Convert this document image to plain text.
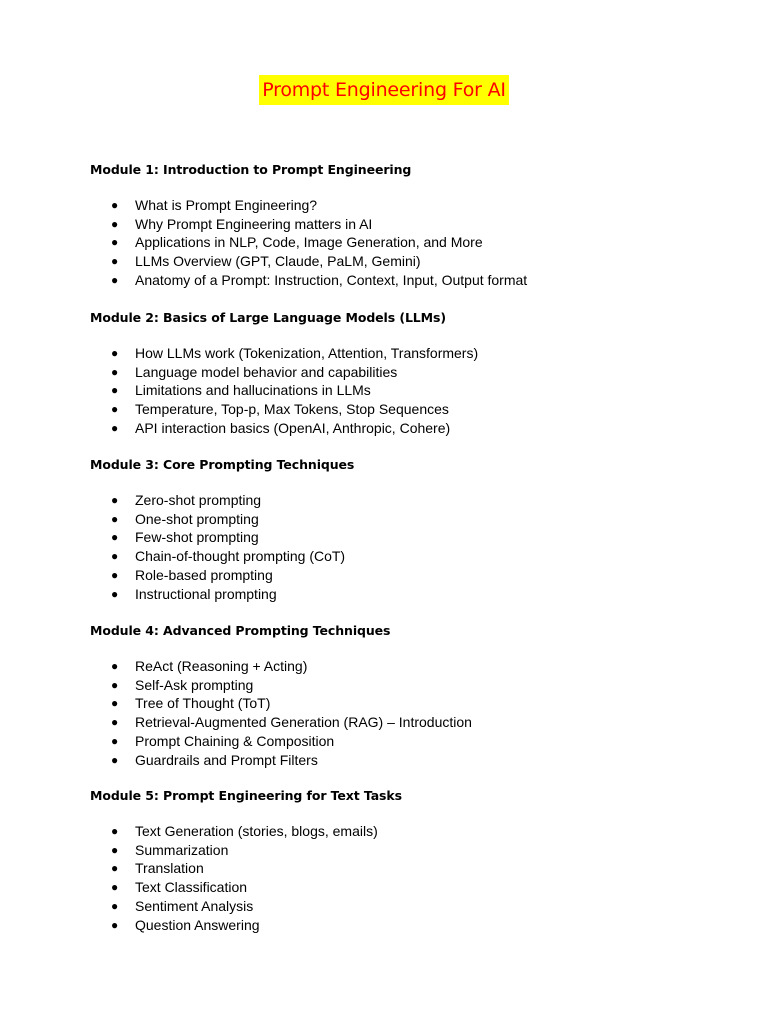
Prompt Engineering For AI
Module 1: Introduction to Prompt Engineering
● What is Prompt Engineering?
● Why Prompt Engineering matters in AI
● Applications in NLP, Code, Image Generation, and More
● LLMs Overview (GPT, Claude, PaLM, Gemini)
● Anatomy of a Prompt: Instruction, Context, Input, Output format
Module 2: Basics of Large Language Models (LLMs)
● How LLMs work (Tokenization, Attention, Transformers)
● Language model behavior and capabilities
● Limitations and hallucinations in LLMs
● Temperature, Top-p, Max Tokens, Stop Sequences
● API interaction basics (OpenAI, Anthropic, Cohere)
Module 3: Core Prompting Techniques
● Zero-shot prompting
● One-shot prompting
● Few-shot prompting
● Chain-of-thought prompting (CoT)
● Role-based prompting
● Instructional prompting
Module 4: Advanced Prompting Techniques
● ReAct (Reasoning + Acting)
● Self-Ask prompting
● Tree of Thought (ToT)
● Retrieval-Augmented Generation (RAG) – Introduction
● Prompt Chaining & Composition
● Guardrails and Prompt Filters
Module 5: Prompt Engineering for Text Tasks
● Text Generation (stories, blogs, emails)
● Summarization
● Translation
● Text Classification
● Sentiment Analysis
● Question Answering
